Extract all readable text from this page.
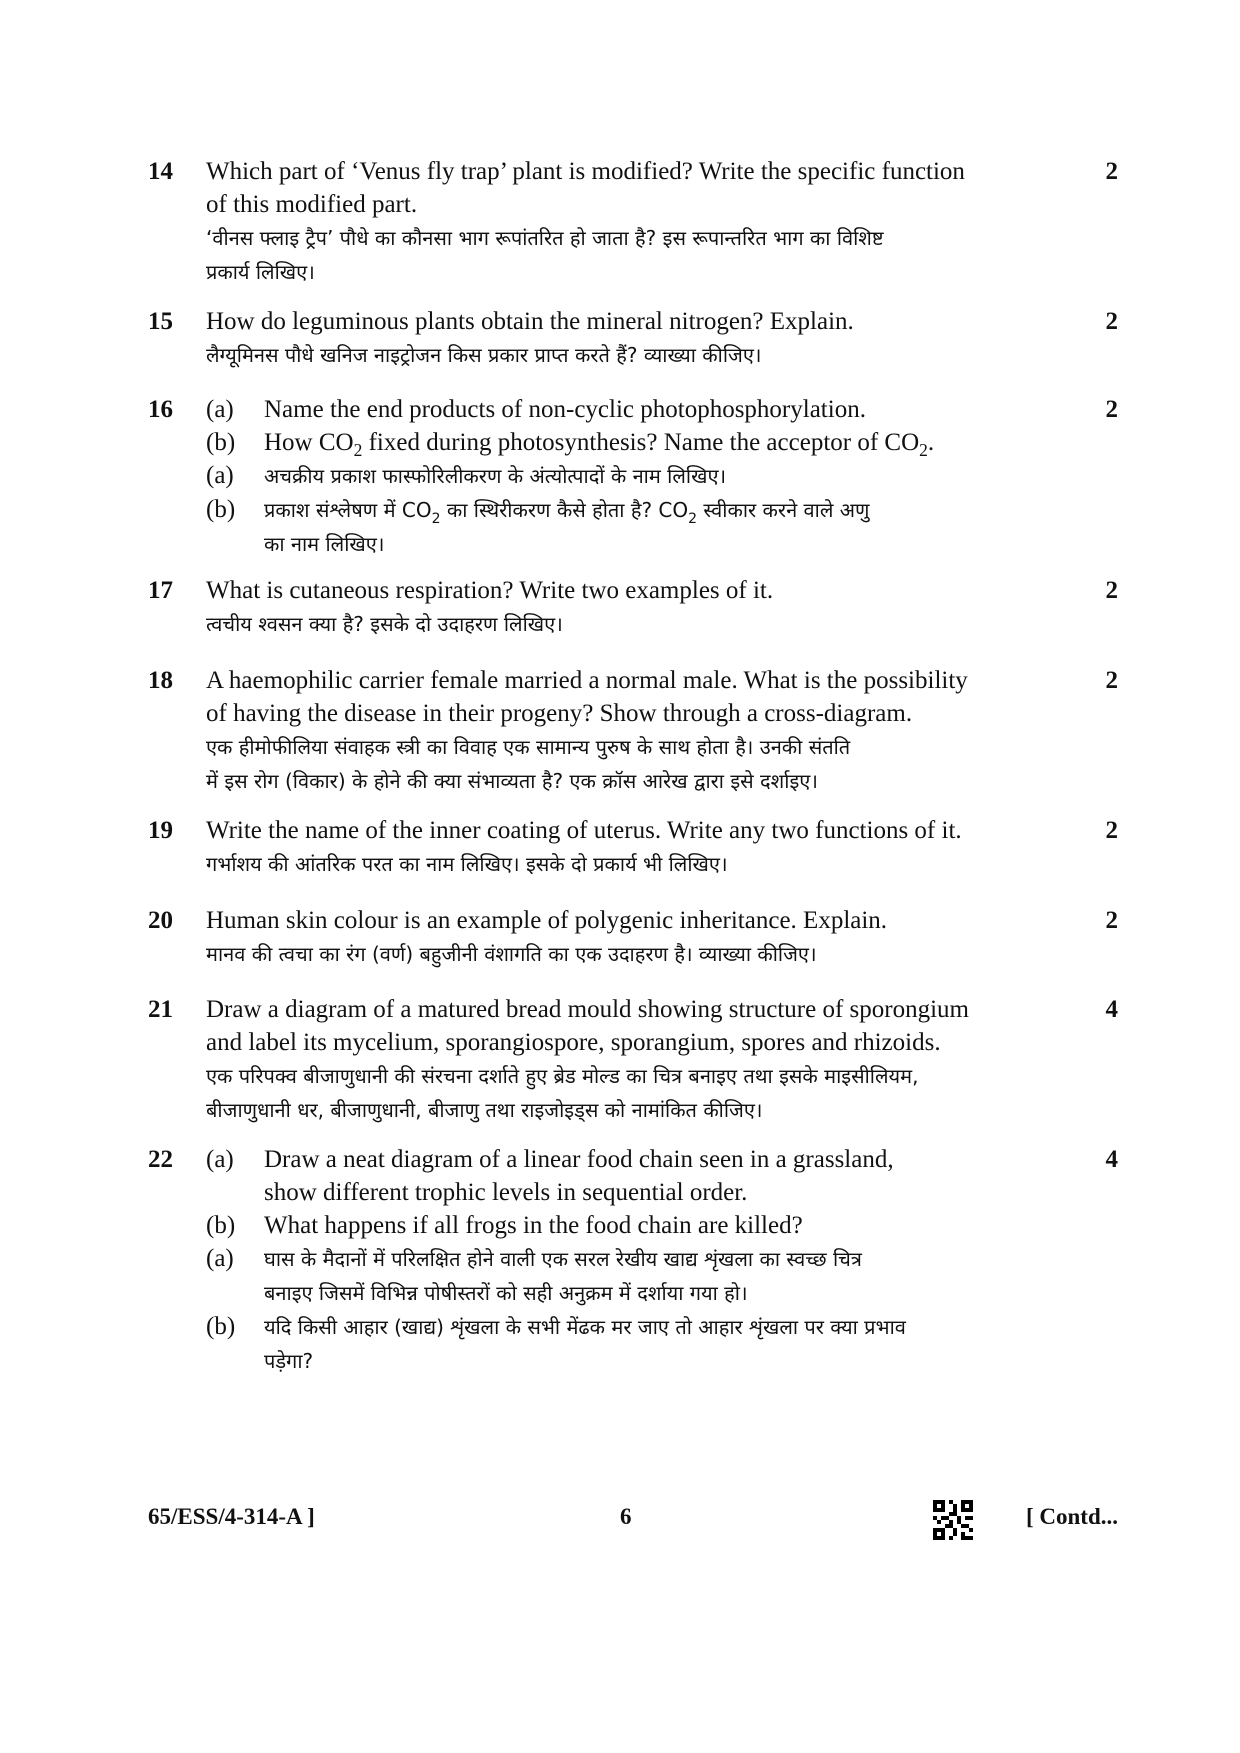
14 Which part of ‘Venus fly trap’ plant is modified? Write the specific function

of this modified part.

‘वीनस फ्लाइ ट्रैप’ पौधे का कौनसा भाग रूपांतरित हो जाता है? इस रूपान्तरित भाग का विशिष्ट

प्रकार्य लिखिए।

2
15 How do leguminous plants obtain the mineral nitrogen? Explain.

लैग्यूमिनस पौधे खनिज नाइट्रोजन किस प्रकार प्राप्त करते हैं? व्याख्या कीजिए।

2
16 (a) Name the end products of non-cyclic photophosphorylation.
(b) How $CO_2$ fixed during photosynthesis? Name the acceptor of $CO_2$.
(a) अचक्रीय प्रकाश फास्फोरिलीकरण के अंत्योत्पादों के नाम लिखिए।
(b) प्रकाश संश्लेषण में $CO_2$ का स्थिरीकरण कैसे होता है? $CO_2$ स्वीकार करने वाले अणु
का नाम लिखिए।
2
17 What is cutaneous respiration? Write two examples of it.

त्वचीय श्वसन क्या है? इसके दो उदाहरण लिखिए।

2
18 A haemophilic carrier female married a normal male. What is the possibility

of having the disease in their progeny? Show through a cross-diagram.

एक हीमोफीलिया संवाहक स्त्री का विवाह एक सामान्य पुरुष के साथ होता है। उनकी संतति

में इस रोग (विकार) के होने की क्या संभाव्यता है? एक क्रॉस आरेख द्वारा इसे दर्शाइए।

2
19 Write the name of the inner coating of uterus. Write any two functions of it.

गर्भाशय की आंतरिक परत का नाम लिखिए। इसके दो प्रकार्य भी लिखिए।

2
20 Human skin colour is an example of polygenic inheritance. Explain.

मानव की त्वचा का रंग (वर्ण) बहुजीनी वंशागति का एक उदाहरण है। व्याख्या कीजिए।

2
21 Draw a diagram of a matured bread mould showing structure of sporongium

and label its mycelium, sporangiospore, sporangium, spores and rhizoids.

एक परिपक्व बीजाणुधानी की संरचना दर्शाते हुए ब्रेड मोल्ड का चित्र बनाइए तथा इसके माइसीलियम,

बीजाणुधानी धर, बीजाणुधानी, बीजाणु तथा राइजोइड्स को नामांकित कीजिए।

4
22 (a) Draw a neat diagram of a linear food chain seen in a grassland,
show different trophic levels in sequential order.
(b) What happens if all frogs in the food chain are killed?
(a) घास के मैदानों में परिलक्षित होने वाली एक सरल रेखीय खाद्य शृंखला का स्वच्छ चित्र
बनाइए जिसमें विभिन्न पोषीस्तरों को सही अनुक्रम में दर्शाया गया हो।
(b) यदि किसी आहार (खाद्य) शृंखला के सभी मेंढक मर जाए तो आहार शृंखला पर क्या प्रभाव
पड़ेगा?
4
65/ESS/4-314-A ]	6	[ Contd...
